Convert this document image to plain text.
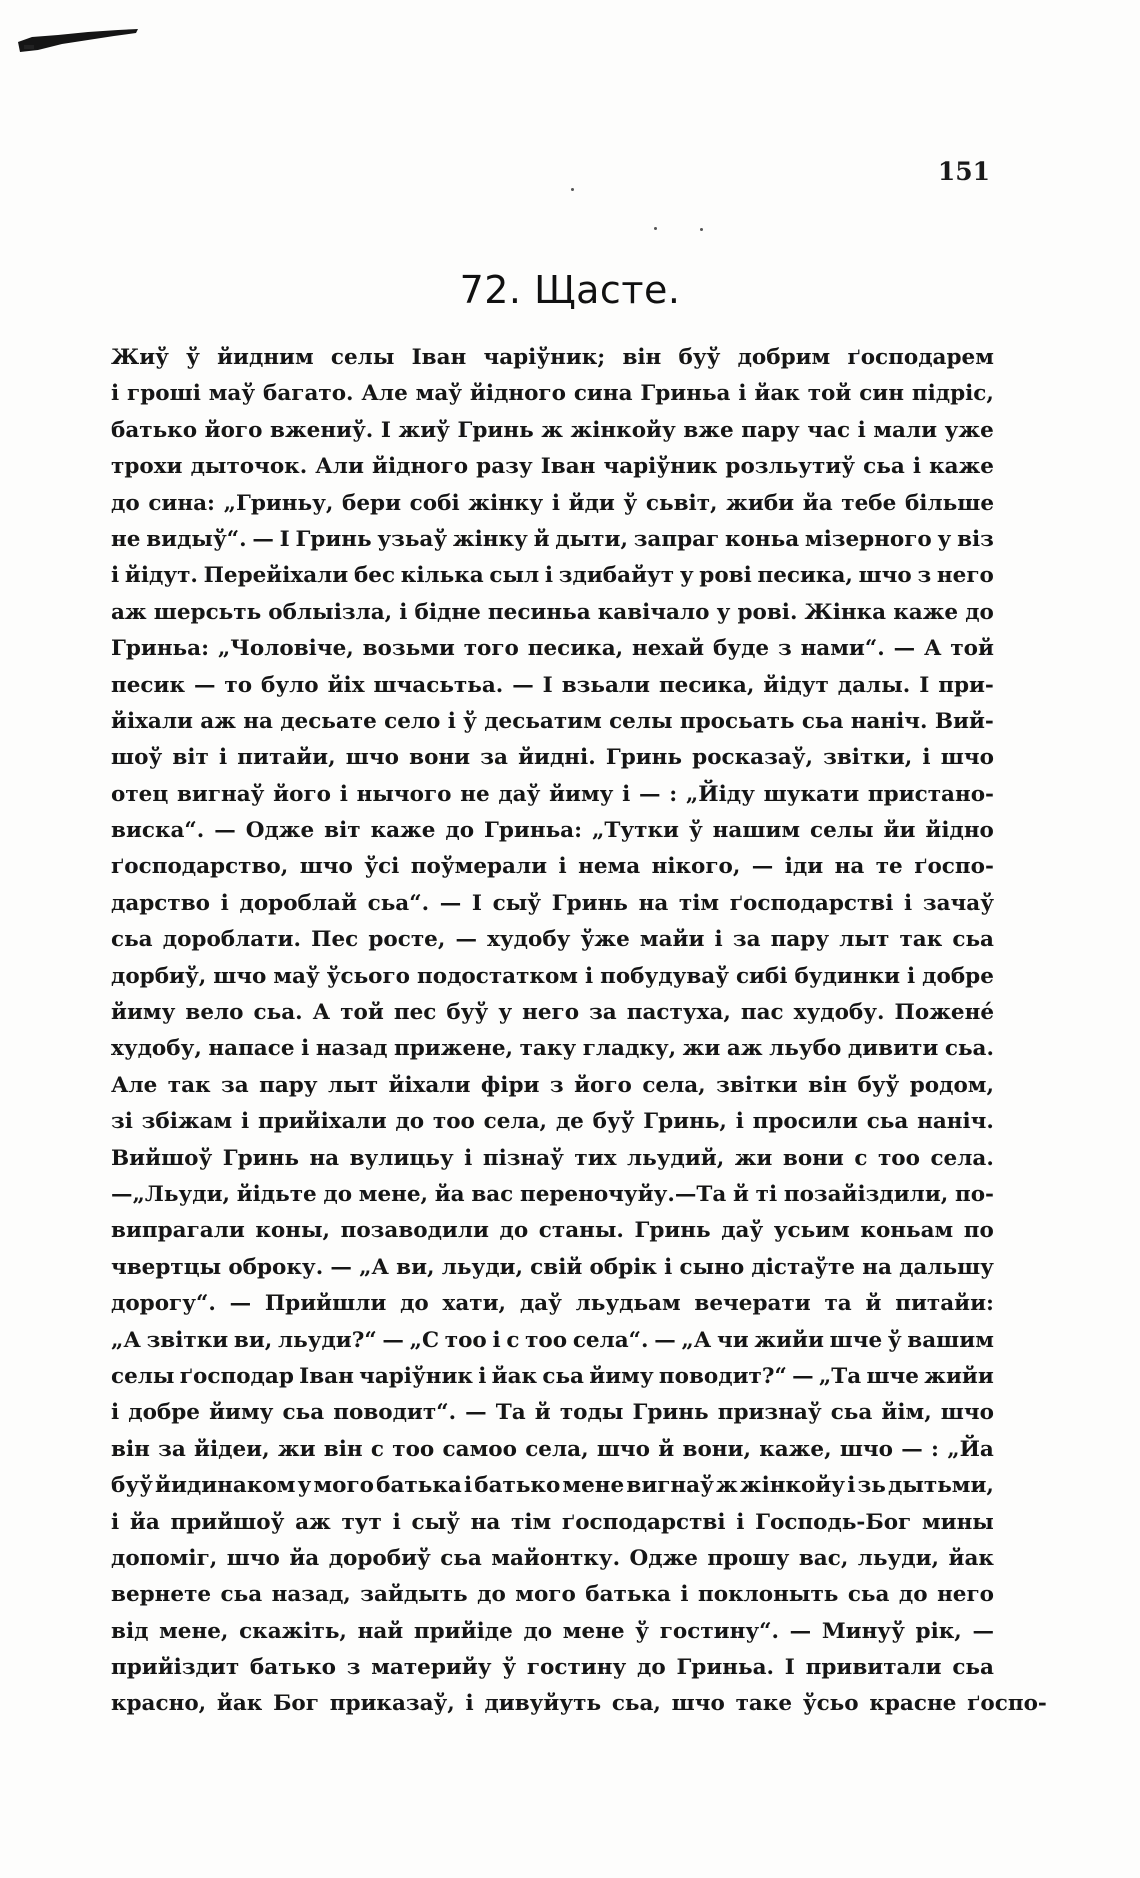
151
72. Щасте.
Жиў ў йидним селы Іван чаріўник; він буў добрим ґосподарем
і гроші маў багато. Але маў йідного сина Гриньа і йак той син підріс,
батько його вжениў. І жиў Гринь ж жінкойу вже пару час і мали уже
трохи дыточок. Али йідного разу Іван чаріўник розльутиў сьа і каже
до сина: „Гриньу, бери собі жінку і йди ў сьвіт, жиби йа тебе більше
не видыў“. — І Гринь узьаў жінку й дыти, запраг коньа мізерного у віз
і йідут. Перейіхали бес кілька сыл і здибайут у рові песика, шчо з него
аж шерсьть облыізла, і бідне песиньа кавічало у рові. Жінка каже до
Гриньа: „Чоловіче, возьми того песика, нехай буде з нами“. — А той
песик — то було йіх шчасьтьа. — І взьали песика, йідут далы. І при-
йіхали аж на десьате село і ў десьатим селы просьать сьа наніч. Вий-
шоў віт і питайи, шчо вони за йидні. Гринь росказаў, звітки, і шчо
отец вигнаў його і нычого не даў йиму і — : „Йіду шукати пристано-
виска“. — Одже віт каже до Гриньа: „Тутки ў нашим селы йи йідно
ґосподарство, шчо ўсі поўмерали і нема нікого, — іди на те ґоспо-
дарство і дороблай сьа“. — І сыў Гринь на тім ґосподарстві і зачаў
сьа дороблати. Пес росте, — худобу ўже майи і за пару лыт так сьа
дорбиў, шчо маў ўсього подостатком і побудуваў сибі будинки і добре
йиму вело сьа. А той пес буў у него за пастуха, пас худобу. Поженé
худобу, напасе і назад прижене, таку гладку, жи аж льубо дивити сьа.
Але так за пару лыт йіхали фіри з його села, звітки він буў родом,
зі збіжам і прийіхали до тоо села, де буў Гринь, і просили сьа наніч.
Вийшоў Гринь на вулицьу і пізнаў тих льудий, жи вони с тоо села.
—„Льуди, йідьте до мене, йа вас переночуйу.—Та й ті позайіздили, по-
випрагали коны, позаводили до станы. Гринь даў усьим коньам по
чвертцы оброку. — „А ви, льуди, свій обрік і сыно дістаўте на дальшу
дорогу“. — Прийшли до хати, даў льудьам вечерати та й питайи:
„А звітки ви, льуди?“ — „С тоо і с тоо села“. — „А чи жийи шче ў вашим
селы ґосподар Іван чаріўник і йак сьа йиму поводит?“ — „Та шче жийи
і добре йиму сьа поводит“. — Та й тоды Гринь признаў сьа йім, шчо
він за йідеи, жи він с тоо самоо села, шчо й вони, каже, шчо — : „Йа
буў йидинаком у мого батька і батько мене вигнаў ж жінкойу і зь дытьми,
і йа прийшоў аж тут і сыў на тім ґосподарстві і Господь-Бог мины
допоміг, шчо йа доробиў сьа майонтку. Одже прошу вас, льуди, йак
вернете сьа назад, зайдыть до мого батька і поклоныть сьа до него
від мене, скажіть, най прийіде до мене ў гостину“. — Минуў рік, —
прийіздит батько з материйу ў гостину до Гриньа. І привитали сьа
красно, йак Бог приказаў, і дивуйуть сьа, шчо таке ўсьо красне ґоспо-
